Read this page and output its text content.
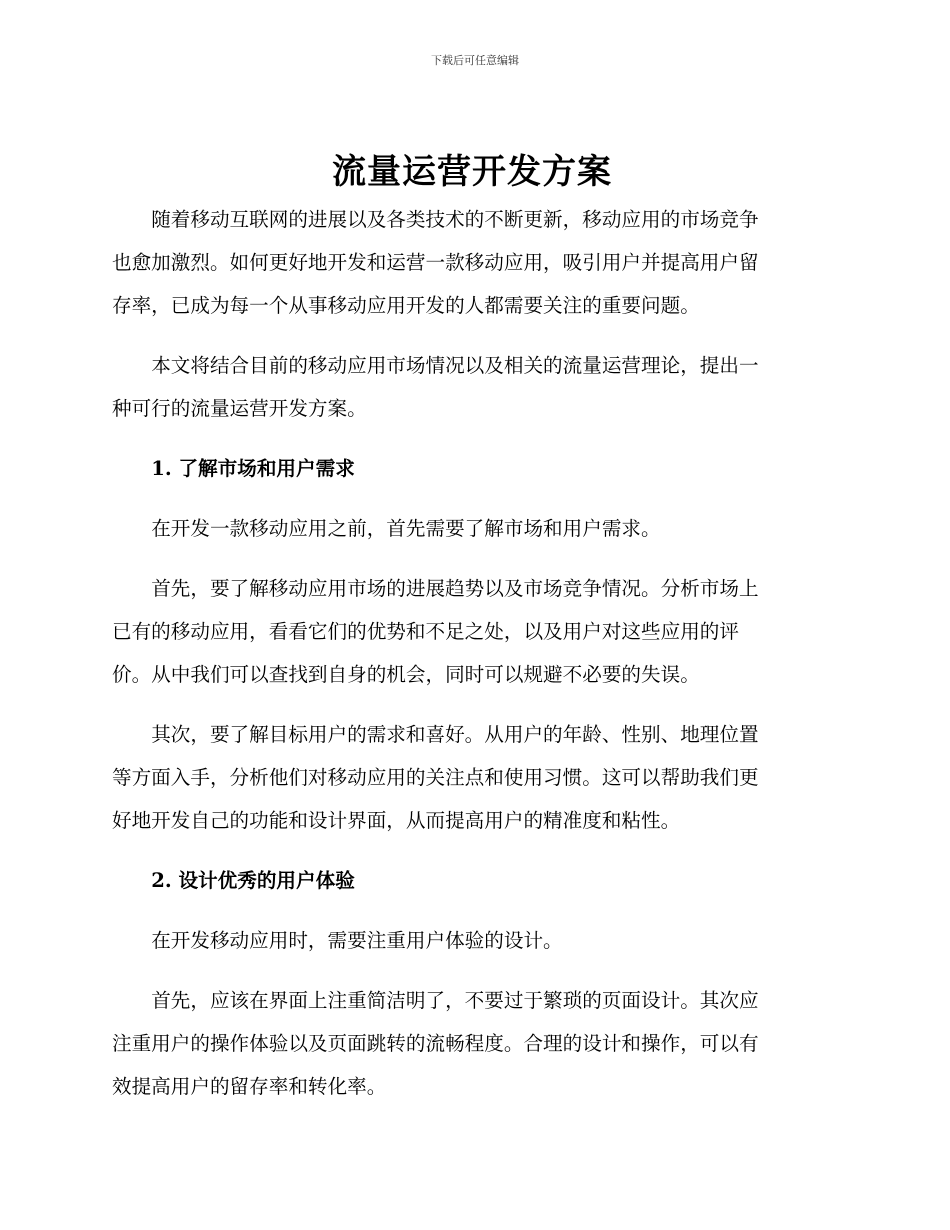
下载后可任意编辑
流量运营开发方案

随着移动互联网的进展以及各类技术的不断更新，移动应用的市场竞争
也愈加激烈。如何更好地开发和运营一款移动应用，吸引用户并提高用户留
存率，已成为每一个从事移动应用开发的人都需要关注的重要问题。

本文将结合目前的移动应用市场情况以及相关的流量运营理论，提出一
种可行的流量运营开发方案。

1. 了解市场和用户需求

在开发一款移动应用之前，首先需要了解市场和用户需求。

首先，要了解移动应用市场的进展趋势以及市场竞争情况。分析市场上
已有的移动应用，看看它们的优势和不足之处，以及用户对这些应用的评
价。从中我们可以查找到自身的机会，同时可以规避不必要的失误。

其次，要了解目标用户的需求和喜好。从用户的年龄、性别、地理位置
等方面入手，分析他们对移动应用的关注点和使用习惯。这可以帮助我们更
好地开发自己的功能和设计界面，从而提高用户的精准度和粘性。

2. 设计优秀的用户体验

在开发移动应用时，需要注重用户体验的设计。

首先，应该在界面上注重简洁明了，不要过于繁琐的页面设计。其次应
注重用户的操作体验以及页面跳转的流畅程度。合理的设计和操作，可以有
效提高用户的留存率和转化率。
